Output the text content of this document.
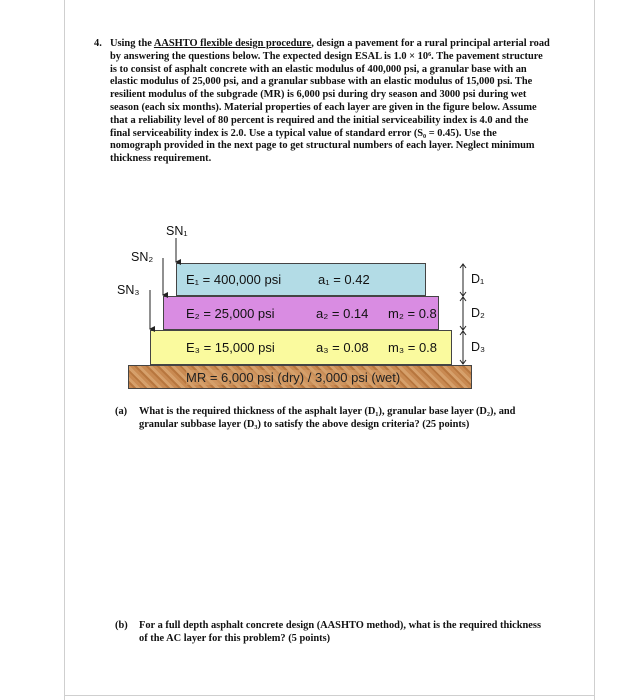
4. Using the AASHTO flexible design procedure, design a pavement for a rural principal arterial road by answering the questions below. The expected design ESAL is 1.0 × 10⁶. The pavement structure is to consist of asphalt concrete with an elastic modulus of 400,000 psi, a granular base with an elastic modulus of 25,000 psi, and a granular subbase with an elastic modulus of 15,000 psi. The resilient modulus of the subgrade (MR) is 6,000 psi during dry season and 3000 psi during wet season (each six months). Material properties of each layer are given in the figure below. Assume that a reliability level of 80 percent is required and the initial serviceability index is 4.0 and the final serviceability index is 2.0. Use a typical value of standard error (S₀ = 0.45). Use the nomograph provided in the next page to get structural numbers of each layer. Neglect minimum thickness requirement.
SN₁
SN₂
SN₃
E₁ = 400,000 psi	a₁ = 0.42
E₂ = 25,000 psi	a₂ = 0.14 m₂ = 0.8
E₃ = 15,000 psi	a₃ = 0.08 m₃ = 0.8
MR = 6,000 psi (dry) / 3,000 psi (wet)
D₁
D₂
D₃
(a) What is the required thickness of the asphalt layer (D₁), granular base layer (D₂), and granular subbase layer (D₃) to satisfy the above design criteria? (25 points)
(b) For a full depth asphalt concrete design (AASHTO method), what is the required thickness of the AC layer for this problem? (5 points)
